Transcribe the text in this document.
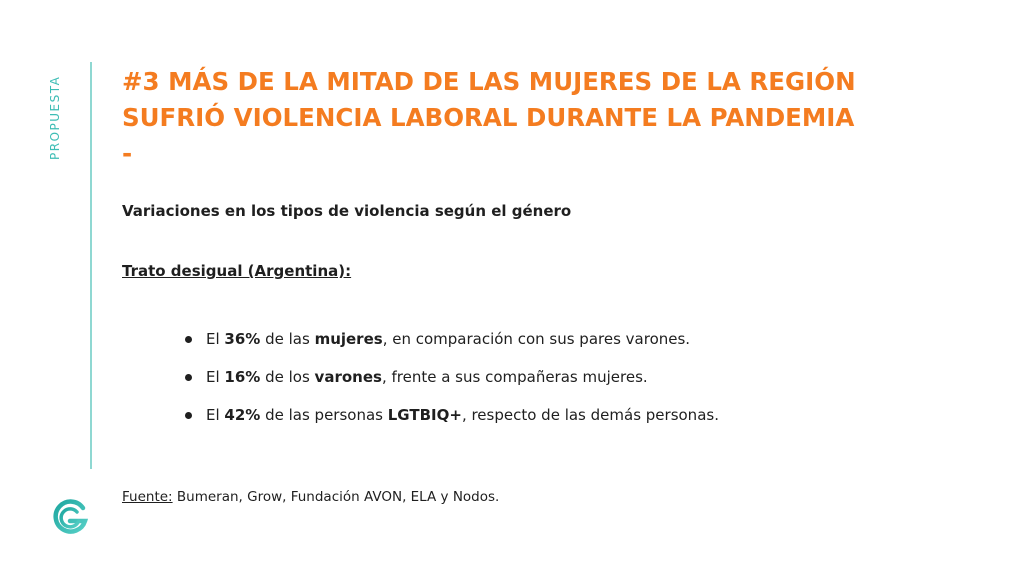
PROPUESTA #3 MÁS DE LA MITAD DE LAS MUJERES DE LA REGIÓN
SUFRIÓ VIOLENCIA LABORAL DURANTE LA PANDEMIA
-

Variaciones en los tipos de violencia según el género

Trato desigual (Argentina):

El 36% de las mujeres, en comparación con sus pares varones.
El 16% de los varones, frente a sus compañeras mujeres.
El 42% de las personas LGTBIQ+, respecto de las demás personas.

Fuente: Bumeran, Grow, Fundación AVON, ELA y Nodos.
